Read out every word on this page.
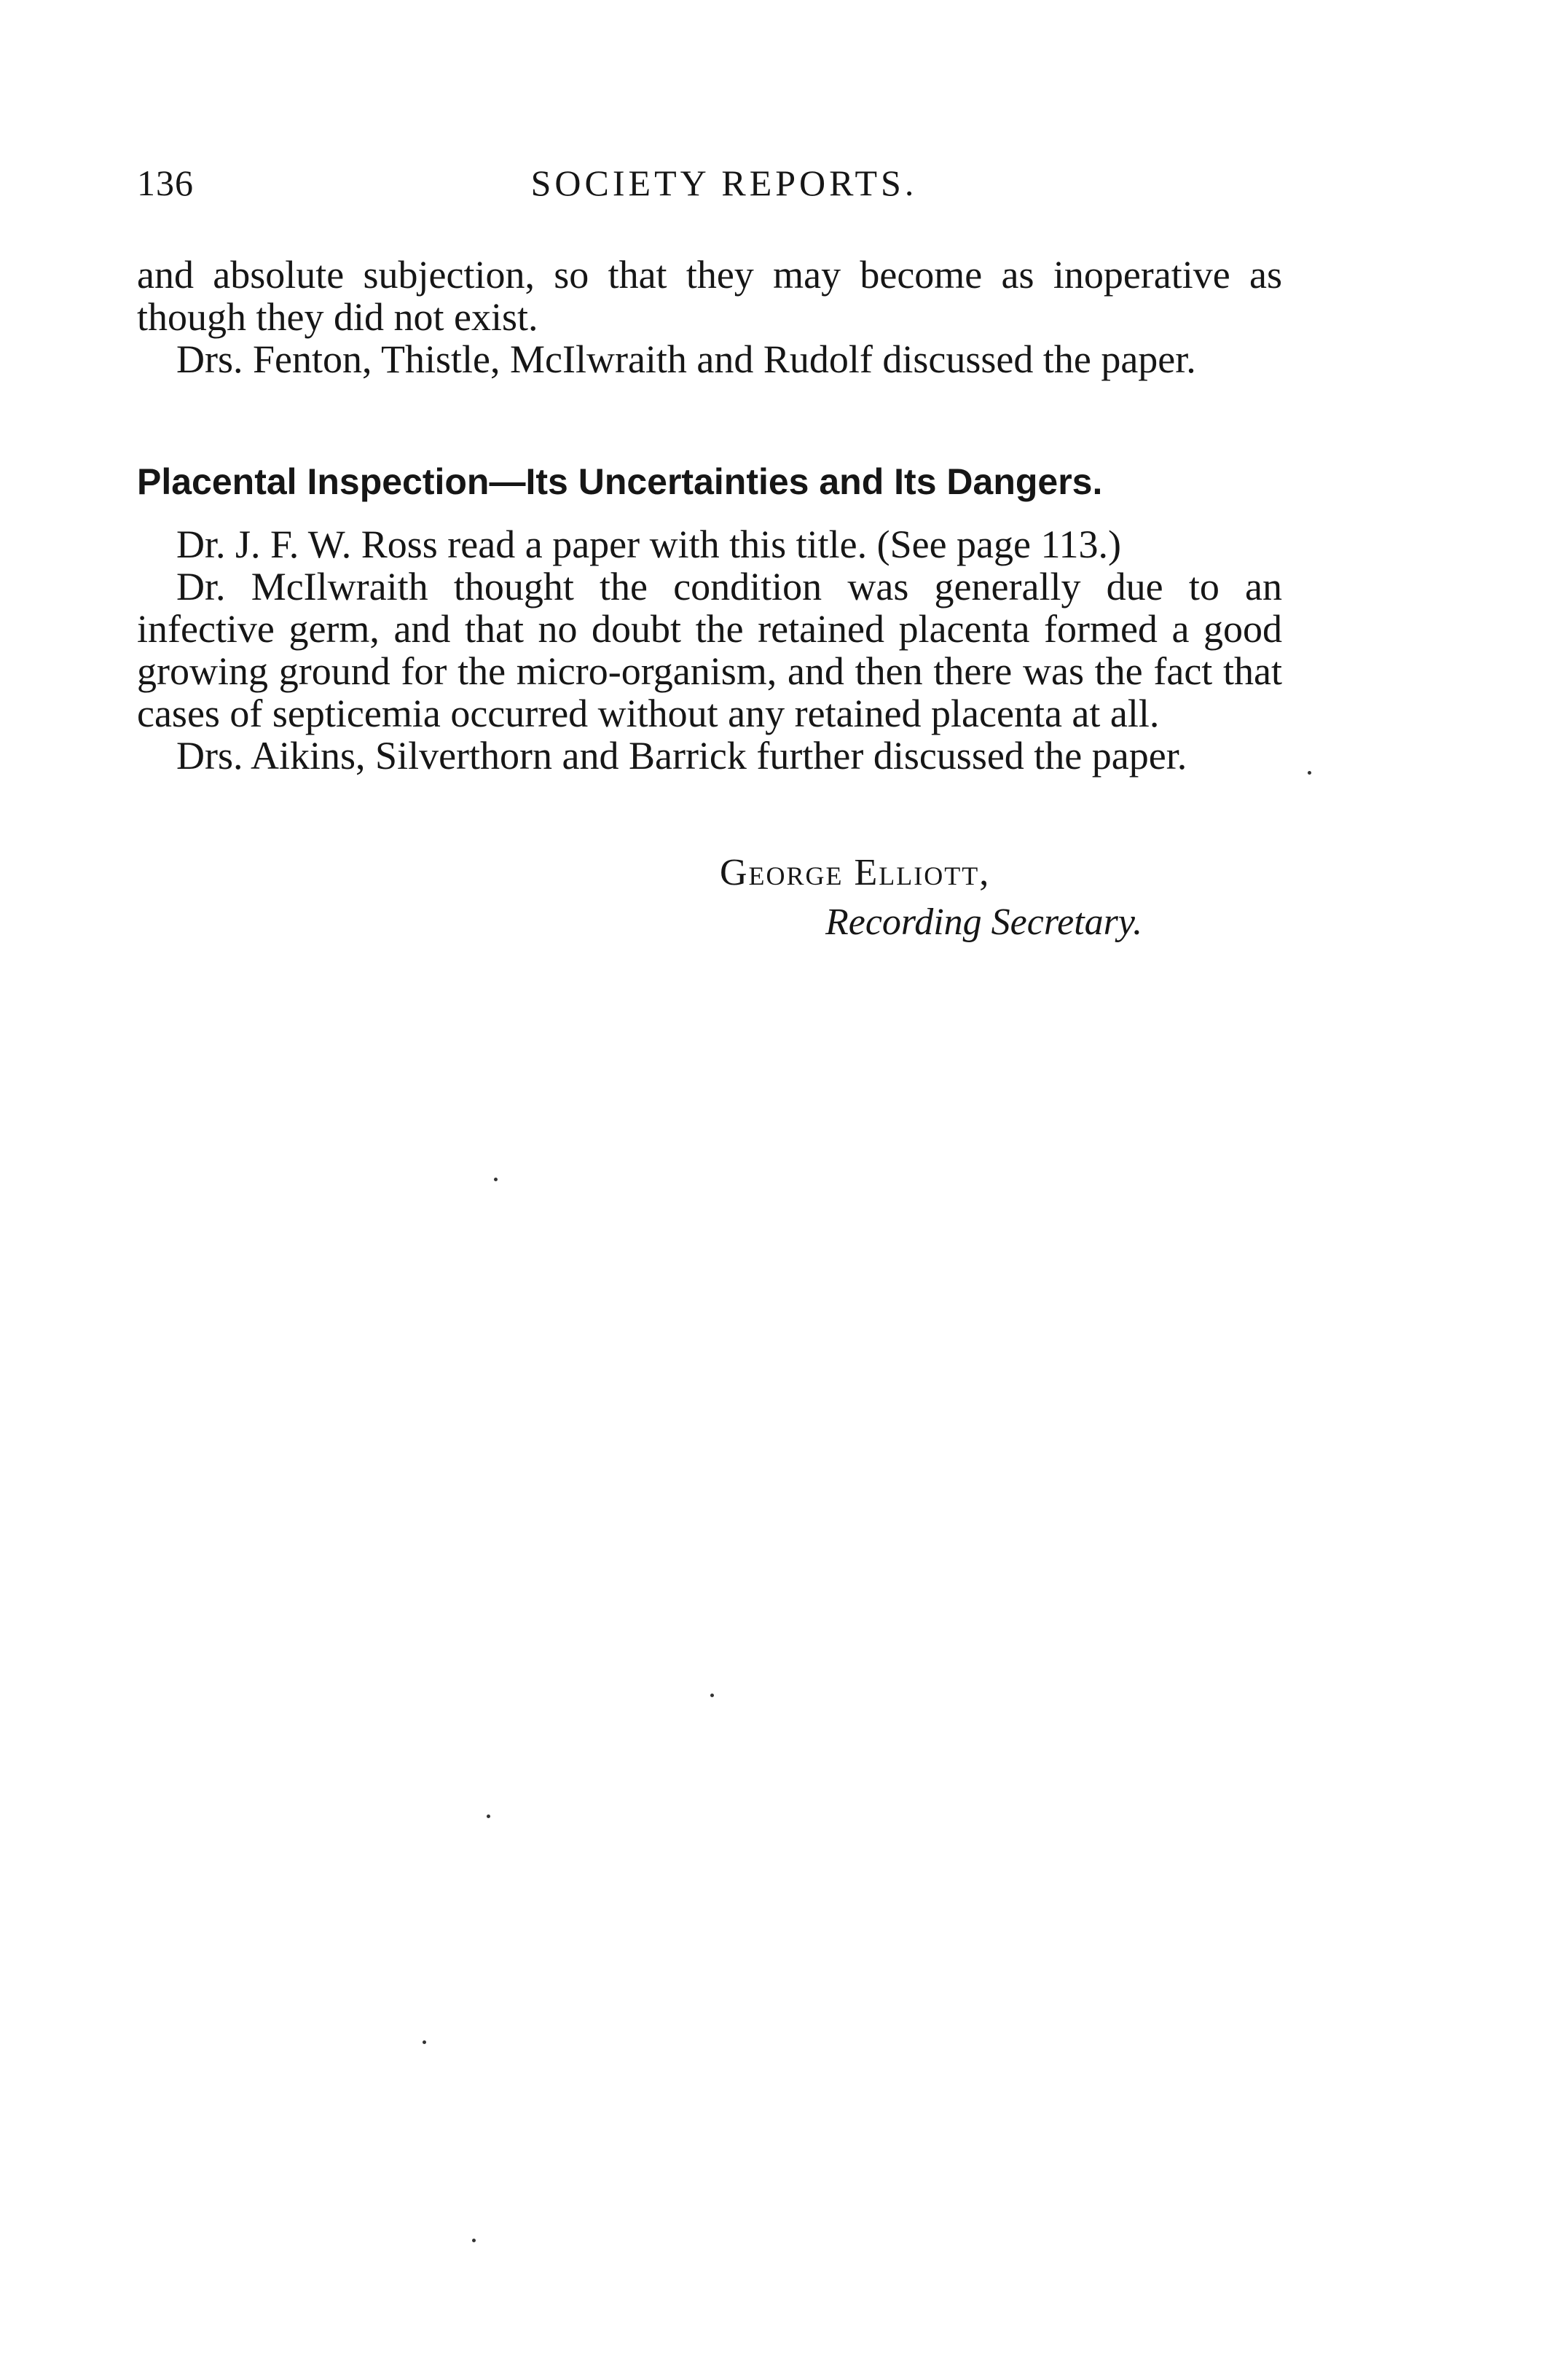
136	SOCIETY REPORTS.

and absolute subjection, so that they may become as inoperative as though they did not exist.

Drs. Fenton, Thistle, McIlwraith and Rudolf discussed the paper.

Placental Inspection—Its Uncertainties and Its Dangers.

Dr. J. F. W. Ross read a paper with this title. (See page 113.)

Dr. McIlwraith thought the condition was generally due to an infective germ, and that no doubt the retained placenta formed a good growing ground for the micro-organism, and then there was the fact that cases of septicemia occurred without any retained placenta at all.

Drs. Aikins, Silverthorn and Barrick further discussed the paper.

George Elliott,
Recording Secretary.
